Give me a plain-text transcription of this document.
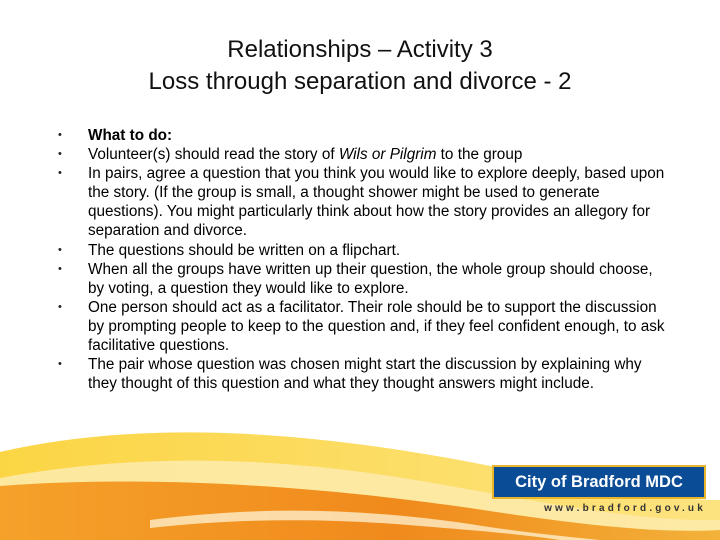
Relationships – Activity 3
Loss through separation and divorce - 2
• What to do:
• Volunteer(s) should read the story of Wils or Pilgrim to the group
• In pairs, agree a question that you think you would like to explore deeply, based upon the story. (If the group is small, a thought shower might be used to generate questions). You might particularly think about how the story provides an allegory for separation and divorce.
• The questions should be written on a flipchart.
• When all the groups have written up their question, the whole group should choose, by voting, a question they would like to explore.
• One person should act as a facilitator. Their role should be to support the discussion by prompting people to keep to the question and, if they feel confident enough, to ask facilitative questions.
• The pair whose question was chosen might start the discussion by explaining why they thought of this question and what they thought answers might include.
City of Bradford MDC
www.bradford.gov.uk
